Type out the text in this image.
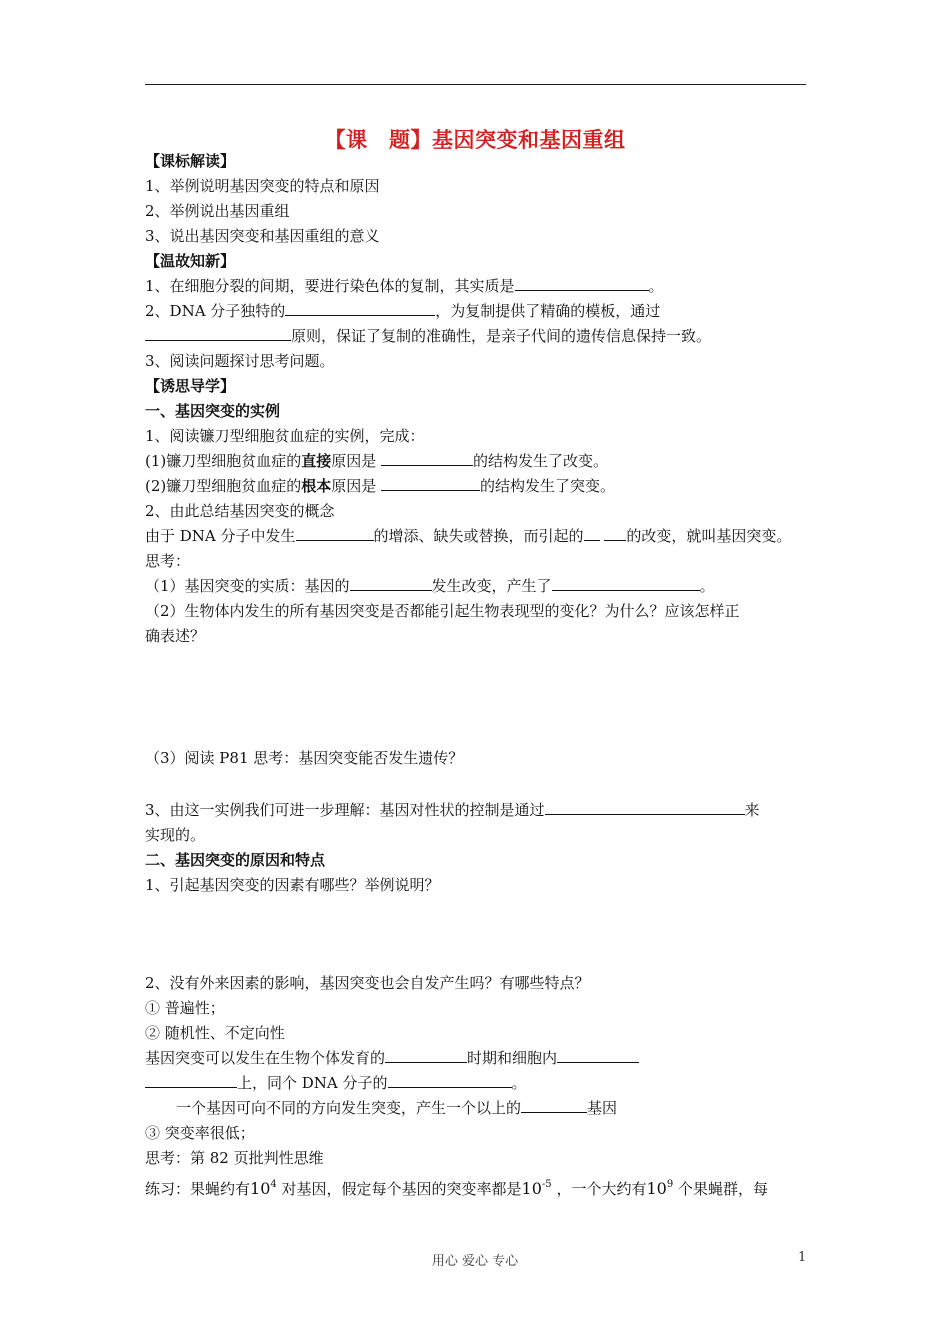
【课　题】基因突变和基因重组
【课标解读】
1、举例说明基因突变的特点和原因
2、举例说出基因重组
3、说出基因突变和基因重组的意义
【温故知新】
1、在细胞分裂的间期，要进行染色体的复制，其实质是	。
2、DNA 分子独特的	，为复制提供了精确的模板，通过
原则，保证了复制的准确性，是亲子代间的遗传信息保持一致。
3、阅读问题探讨思考问题。
【诱思导学】
一、基因突变的实例
1、阅读镰刀型细胞贫血症的实例，完成：
(1)镰刀型细胞贫血症的直接原因是	的结构发生了改变。
(2)镰刀型细胞贫血症的根本原因是	的结构发生了突变。
2、由此总结基因突变的概念
由于 DNA 分子中发生	的增添、缺失或替换，而引起的	的改变，就叫基因突变。
思考：
（1）基因突变的实质：基因的	发生改变，产生了	。
（2）生物体内发生的所有基因突变是否都能引起生物表现型的变化？为什么？应该怎样正
确表述？
（3）阅读 P81 思考：基因突变能否发生遗传？
3、由这一实例我们可进一步理解：基因对性状的控制是通过	来
实现的。
二、基因突变的原因和特点
1、引起基因突变的因素有哪些？举例说明？
2、没有外来因素的影响，基因突变也会自发产生吗？有哪些特点？
① 普遍性；
② 随机性、不定向性
基因突变可以发生在生物个体发育的	时期和细胞内
上，同个 DNA 分子的	。
一个基因可向不同的方向发生突变，产生一个以上的	基因
③ 突变率很低；
思考：第 82 页批判性思维
练习：果蝇约有$10^4$ 对基因，假定每个基因的突变率都是$10^{-5}$ ，一个大约有$10^9$ 个果蝇群，每
用心 爱心 专心	1
